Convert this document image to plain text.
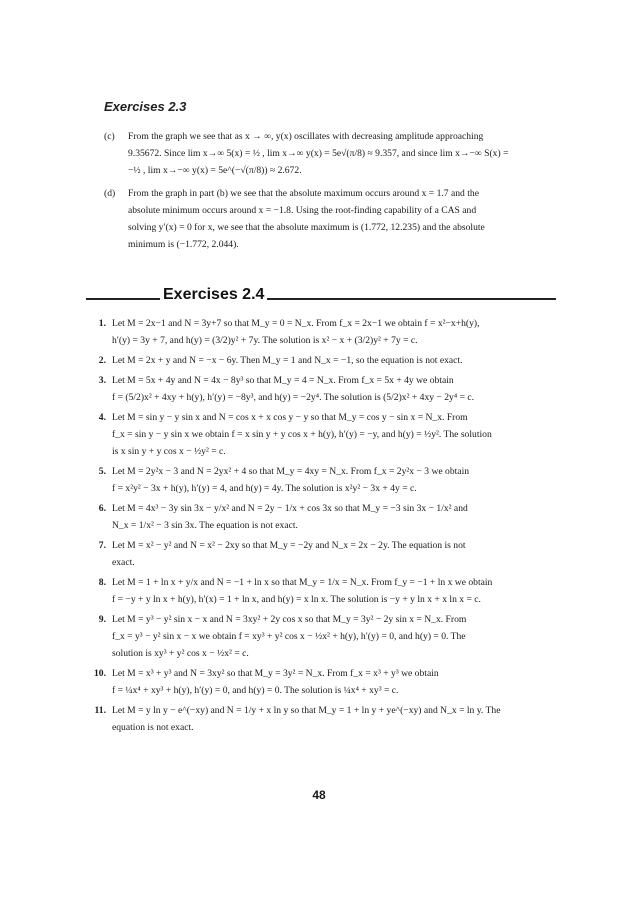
Exercises 2.3
(c)	From the graph we see that as x → ∞, y(x) oscillates with decreasing amplitude approaching
9.35672. Since lim x→∞ 5(x) = ½ , lim x→∞ y(x) = 5e√(π/8) ≈ 9.357, and since lim x→−∞ S(x) =
−½ , lim x→−∞ y(x) = 5e^(−√(π/8)) ≈ 2.672.
(d)	From the graph in part (b) we see that the absolute maximum occurs around x = 1.7 and the
absolute minimum occurs around x = −1.8. Using the root-finding capability of a CAS and
solving y′(x) = 0 for x, we see that the absolute maximum is (1.772, 12.235) and the absolute
minimum is (−1.772, 2.044).
Exercises 2.4
1. Let M = 2x−1 and N = 3y+7 so that M_y = 0 = N_x. From f_x = 2x−1 we obtain f = x²−x+h(y),
h′(y) = 3y + 7, and h(y) = (3/2)y² + 7y. The solution is x² − x + (3/2)y² + 7y = c.
2. Let M = 2x + y and N = −x − 6y. Then M_y = 1 and N_x = −1, so the equation is not exact.
3. Let M = 5x + 4y and N = 4x − 8y³ so that M_y = 4 = N_x. From f_x = 5x + 4y we obtain
f = (5/2)x² + 4xy + h(y), h′(y) = −8y³, and h(y) = −2y⁴. The solution is (5/2)x² + 4xy − 2y⁴ = c.
4. Let M = sin y − y sin x and N = cos x + x cos y − y so that M_y = cos y − sin x = N_x. From
f_x = sin y − y sin x we obtain f = x sin y + y cos x + h(y), h′(y) = −y, and h(y) = ½y². The solution
is x sin y + y cos x − ½y² = c.
5. Let M = 2y²x − 3 and N = 2yx² + 4 so that M_y = 4xy = N_x. From f_x = 2y²x − 3 we obtain
f = x²y² − 3x + h(y), h′(y) = 4, and h(y) = 4y. The solution is x²y² − 3x + 4y = c.
6. Let M = 4x³ − 3y sin 3x − y/x² and N = 2y − 1/x + cos 3x so that M_y = −3 sin 3x − 1/x² and
N_x = 1/x² − 3 sin 3x. The equation is not exact.
7. Let M = x² − y² and N = x² − 2xy so that M_y = −2y and N_x = 2x − 2y. The equation is not
exact.
8. Let M = 1 + ln x + y/x and N = −1 + ln x so that M_y = 1/x = N_x. From f_y = −1 + ln x we obtain
f = −y + y ln x + h(y), h′(x) = 1 + ln x, and h(y) = x ln x. The solution is −y + y ln x + x ln x = c.
9. Let M = y³ − y² sin x − x and N = 3xy² + 2y cos x so that M_y = 3y² − 2y sin x = N_x. From
f_x = y³ − y² sin x − x we obtain f = xy³ + y² cos x − ½x² + h(y), h′(y) = 0, and h(y) = 0. The
solution is xy³ + y² cos x − ½x² = c.
10. Let M = x³ + y³ and N = 3xy² so that M_y = 3y² = N_x. From f_x = x³ + y³ we obtain
f = ¼x⁴ + xy³ + h(y), h′(y) = 0, and h(y) = 0. The solution is ¼x⁴ + xy³ = c.
11. Let M = y ln y − e^(−xy) and N = 1/y + x ln y so that M_y = 1 + ln y + ye^(−xy) and N_x = ln y. The
equation is not exact.
48
